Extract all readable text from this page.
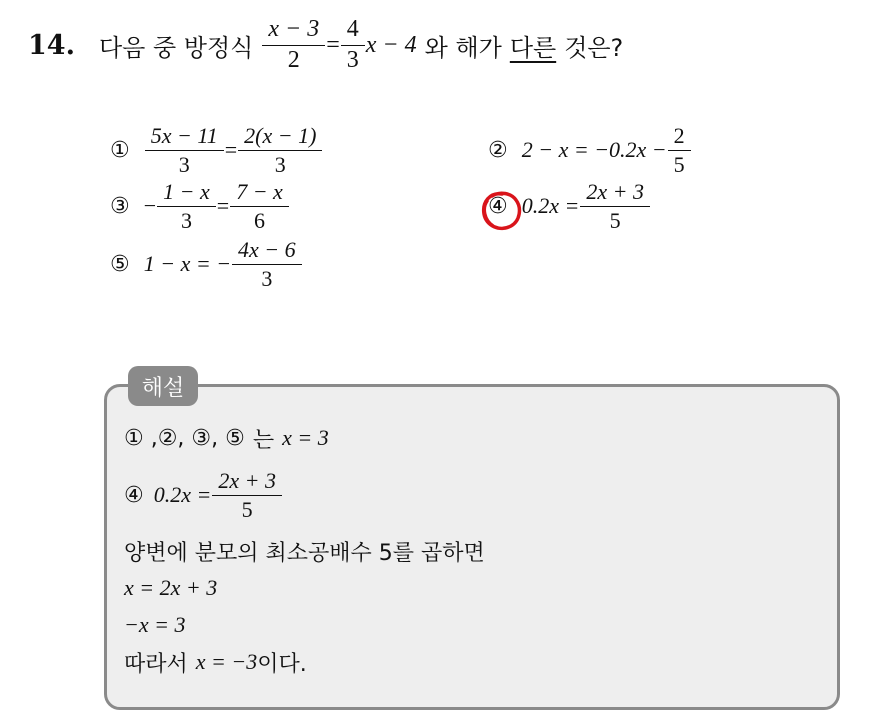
14. 다음 중 방정식 $\frac{x - 3}{2} = \frac{4}{3}$ x − 4 와 해가 다른 것은?
① $\frac{5x - 11}{3} = \frac{2(x - 1)}{3}$	② $2 - x = -0.2x - \frac{2}{5}$
③ − $\frac{1 - x}{3} = \frac{7 - x}{6}$	④ $0.2x = \frac{2x + 3}{5}$
⑤ 1 − x = − $\frac{4x - 6}{3}$
해설
① ,②, ③, ⑤ 는 x = 3
④ $0.2x = \frac{2x + 3}{5}$
양변에 분모의 최소공배수 5를 곱하면
x = 2x + 3
−x = 3
따라서 x = −3 이다.
